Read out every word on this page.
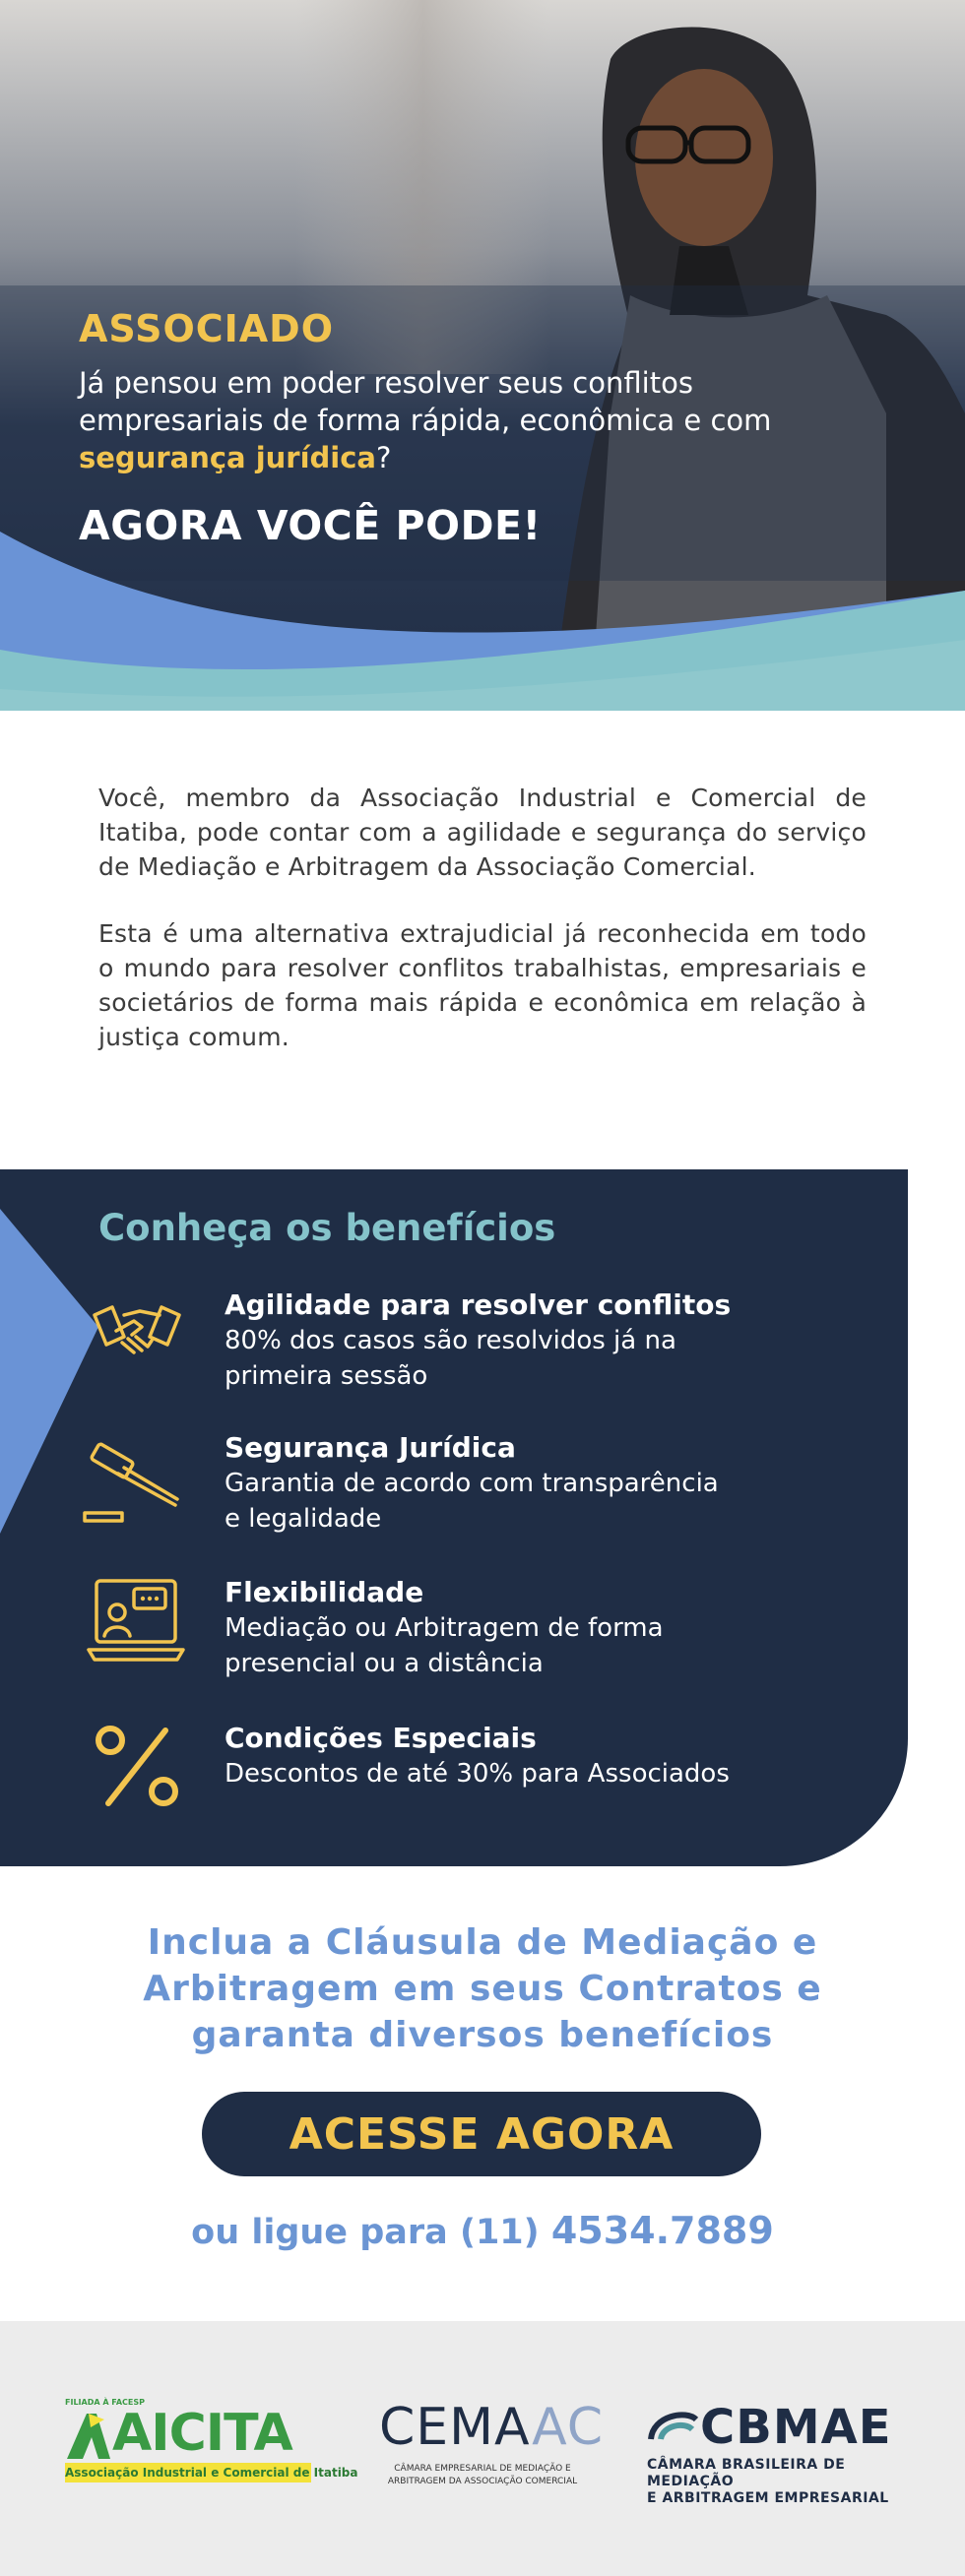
ASSOCIADO
Já pensou em poder resolver seus conflitos empresariais de forma rápida, econômica e com segurança jurídica?
AGORA VOCÊ PODE!

Você, membro da Associação Industrial e Comercial de Itatiba, pode contar com a agilidade e segurança do serviço de Mediação e Arbitragem da Associação Comercial.

Esta é uma alternativa extrajudicial já reconhecida em todo o mundo para resolver conflitos trabalhistas, empresariais e societários de forma mais rápida e econômica em relação à justiça comum.

Conheça os benefícios
Agilidade para resolver conflitos
80% dos casos são resolvidos já na
primeira sessão
Segurança Jurídica
Garantia de acordo com transparência
e legalidade
Flexibilidade
Mediação ou Arbitragem de forma
presencial ou a distância
Condições Especiais
Descontos de até 30% para Associados
Inclua a Cláusula de Mediação e
Arbitragem em seus Contratos e
garanta diversos benefícios
ACESSE AGORA
ou ligue para (11) 4534.7889
FILIADA À FACESP
AICITA
Associação Industrial e Comercial de Itatiba
CEMAAC
CÂMARA EMPRESARIAL DE MEDIAÇÃO E
ARBITRAGEM DA ASSOCIAÇÃO COMERCIAL
CBMAE
CÂMARA BRASILEIRA DE MEDIAÇÃO
E ARBITRAGEM EMPRESARIAL
